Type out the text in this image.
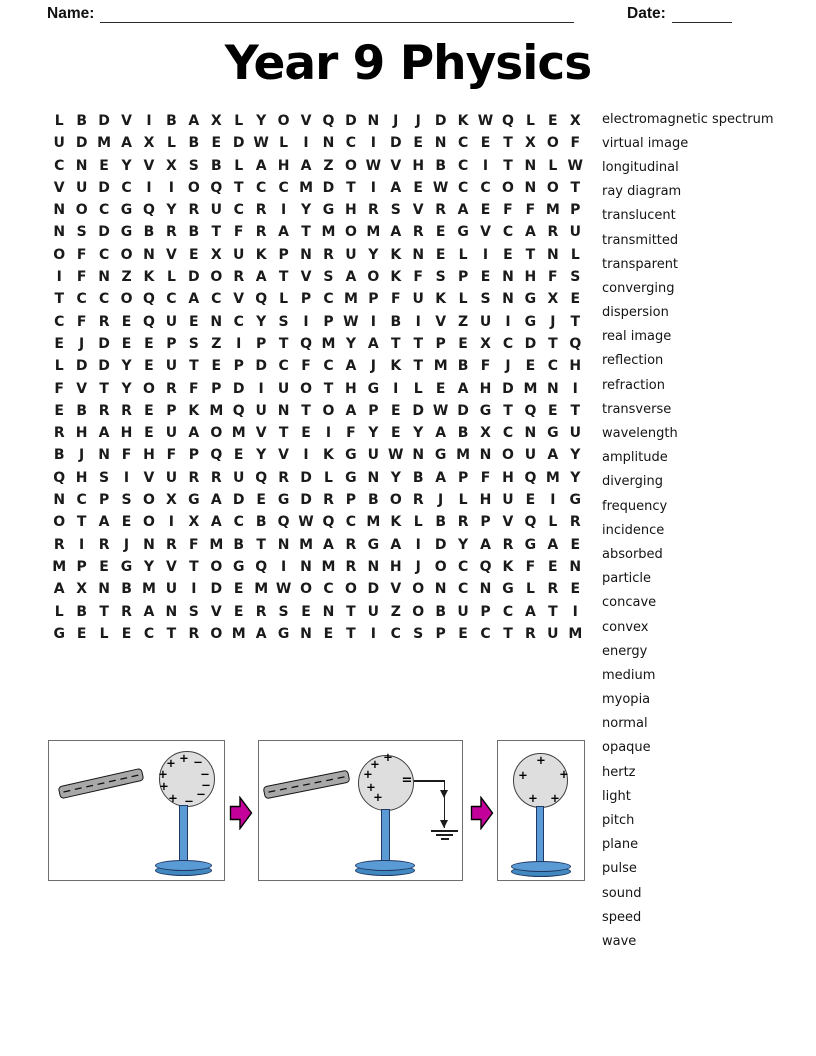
Name:	Date:
Year 9 Physics
L B D V	I	B A X L Y O V Q D N J	J	D K W Q L E X
U D M A X L B E D W L	I N C	I	D E N C E T X O F
C N E Y V X S B L A H A Z O W V H B C	I	T N L W
V U D C	I	I O Q T C C M D T	I	A E W C C O N O T
N O C G Q Y R U C R	I	Y G H R S V R A E F F M P
N S D G B R B T F R A T M O M A R E G V C A R U
O F C O N V E X U K P N R U Y K N E L	I	E T N L
I	F N Z K L D O R A T V S A O K F S P E N H F S
T C C O Q C A C V Q L P C M P F U K L S N G X E
C F R E Q U E N C Y S	I	P W I	B	I	V Z U	I	G	J	T
E	J	D E E P S Z	I	P T Q M Y A T T P E X C D T Q
L D D Y E U T E P D C F C A	J	K T M B F	J	E C H
F V T Y O R F P D	I	U O T H G	I	L E A H D M N I
E B R R E P K M Q U N T O A P E D W D G T Q E T
R H A H E U A O M V T E	I	F Y E Y A B X C N G U
B	J N F H F P Q E Y V	I	K G U W N G M N O U A Y
Q H S	I	V U R R U Q R D L G N Y B A P F H Q M Y
N C P S O X G A D E G D R P B O R	J	L H U E	I	G
O T A E O I	X A C B Q W Q C M K L B R P V Q L R
R	I	R	J N R F M B T N M A R G A	I	D Y A R G A E
M P E G Y V T O G Q I N M R N H J O C Q K F E N
A X N B M U	I	D E M W O C O D V O N C N G L R E
L B T R A N S V E R S E N T U Z O B U P C A T	I
G E L E C T R O M A G N E T	I	C S P E C T R U M
electromagnetic spectrum
virtual image
longitudinal
ray diagram
translucent
transmitted
transparent
converging
dispersion
real image
reflection
refraction
transverse
wavelength
amplitude
diverging
frequency
incidence
absorbed
particle
concave
convex
energy
medium
myopia
normal
opaque
hertz
light
pitch
plane
pulse
sound
speed
wave
− − − − − − −
+ +
+
+
+
−
−
−
−
−
− − − − − − −
+ +
+
+
+
=
+
+	+
+ +
